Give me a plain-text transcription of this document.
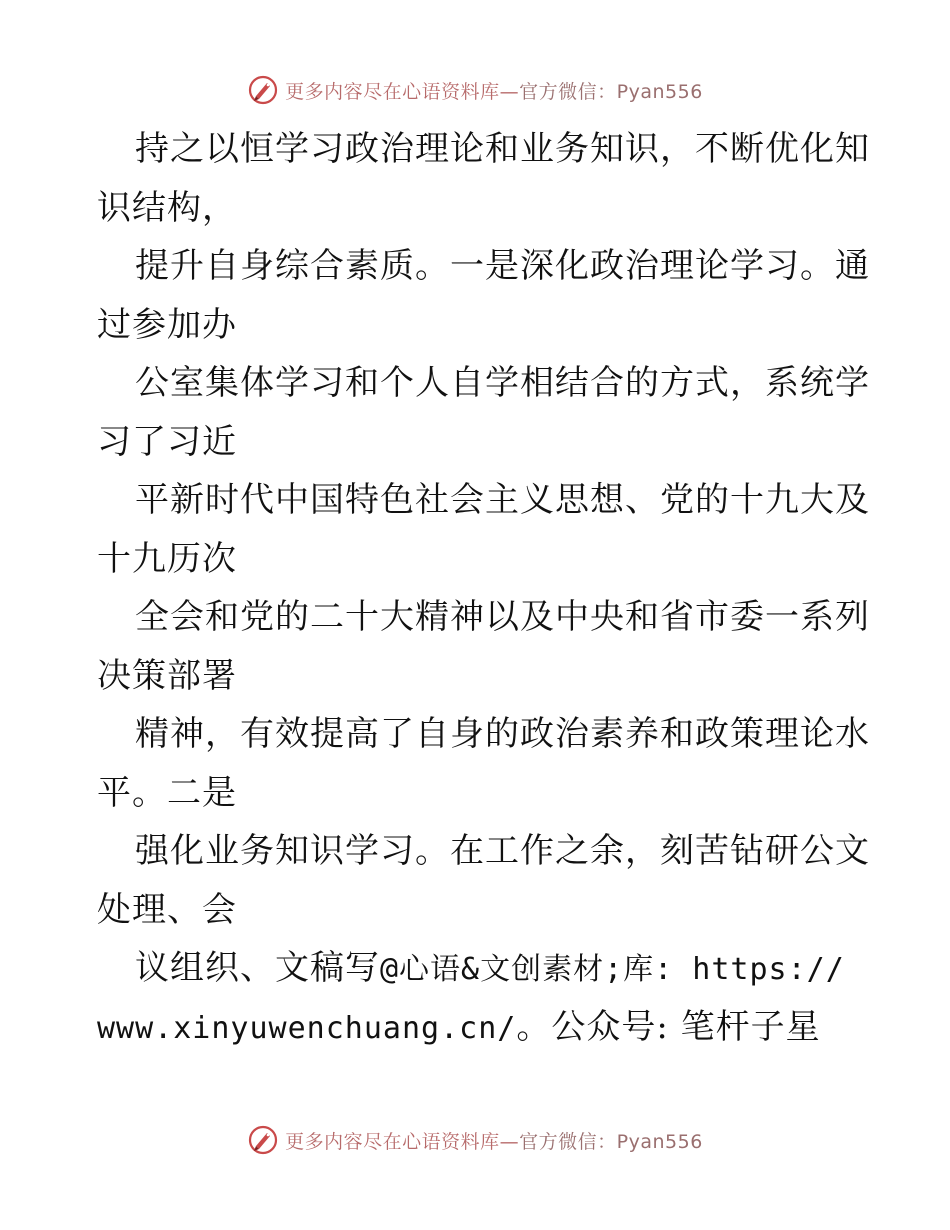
更多内容尽在心语资料库—官方微信：Pyan556
持之以恒学习政治理论和业务知识，不断优化知
识结构，
提升自身综合素质。一是深化政治理论学习。通
过参加办
公室集体学习和个人自学相结合的方式，系统学
习了习近
平新时代中国特色社会主义思想、党的十九大及
十九历次
全会和党的二十大精神以及中央和省市委一系列
决策部署
精神，有效提高了自身的政治素养和政策理论水
平。二是
强化业务知识学习。在工作之余，刻苦钻研公文
处理、会
议组织、文稿写@心语&文创素材;库: https://
www.xinyuwenchuang.cn/。公众号: 笔杆子星
更多内容尽在心语资料库—官方微信：Pyan556
